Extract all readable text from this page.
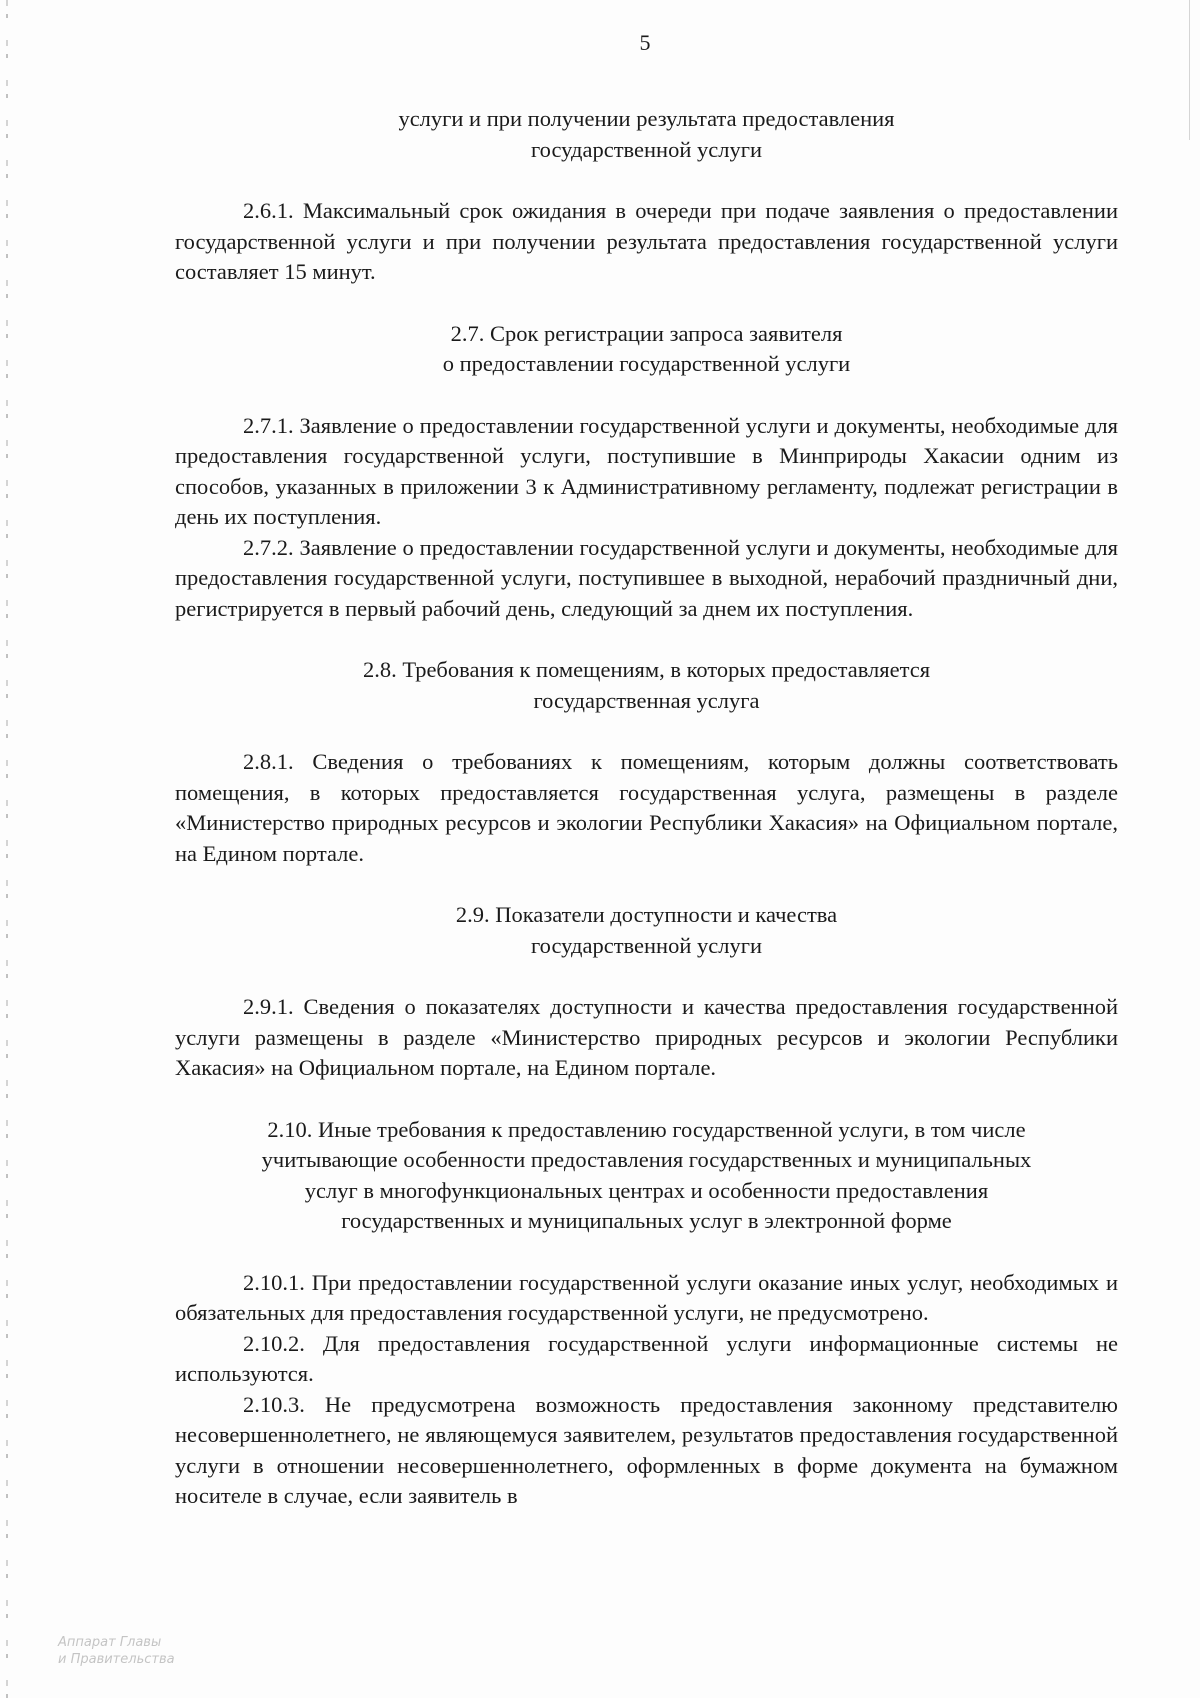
5
услуги и при получении результата предоставления
государственной услуги

2.6.1. Максимальный срок ожидания в очереди при подаче заявления о предоставлении государственной услуги и при получении результата предоставления государственной услуги составляет 15 минут.

2.7. Срок регистрации запроса заявителя
о предоставлении государственной услуги

2.7.1. Заявление о предоставлении государственной услуги и документы, необходимые для предоставления государственной услуги, поступившие в Минприроды Хакасии одним из способов, указанных в приложении 3 к Административному регламенту, подлежат регистрации в день их поступления.

2.7.2. Заявление о предоставлении государственной услуги и документы, необходимые для предоставления государственной услуги, поступившее в выходной, нерабочий праздничный дни, регистрируется в первый рабочий день, следующий за днем их поступления.

2.8. Требования к помещениям, в которых предоставляется
государственная услуга

2.8.1. Сведения о требованиях к помещениям, которым должны соответствовать помещения, в которых предоставляется государственная услуга, размещены в разделе «Министерство природных ресурсов и экологии Республики Хакасия» на Официальном портале, на Едином портале.

2.9. Показатели доступности и качества
государственной услуги

2.9.1. Сведения о показателях доступности и качества предоставления государственной услуги размещены в разделе «Министерство природных ресурсов и экологии Республики Хакасия» на Официальном портале, на Едином портале.

2.10. Иные требования к предоставлению государственной услуги, в том числе
учитывающие особенности предоставления государственных и муниципальных
услуг в многофункциональных центрах и особенности предоставления
государственных и муниципальных услуг в электронной форме

2.10.1. При предоставлении государственной услуги оказание иных услуг, необходимых и обязательных для предоставления государственной услуги, не предусмотрено.

2.10.2. Для предоставления государственной услуги информационные системы не используются.

2.10.3. Не предусмотрена возможность предоставления законному представителю несовершеннолетнего, не являющемуся заявителем, результатов предоставления государственной услуги в отношении несовершеннолетнего, оформленных в форме документа на бумажном носителе в случае, если заявитель в

Аппарат Главы
и Правительства
